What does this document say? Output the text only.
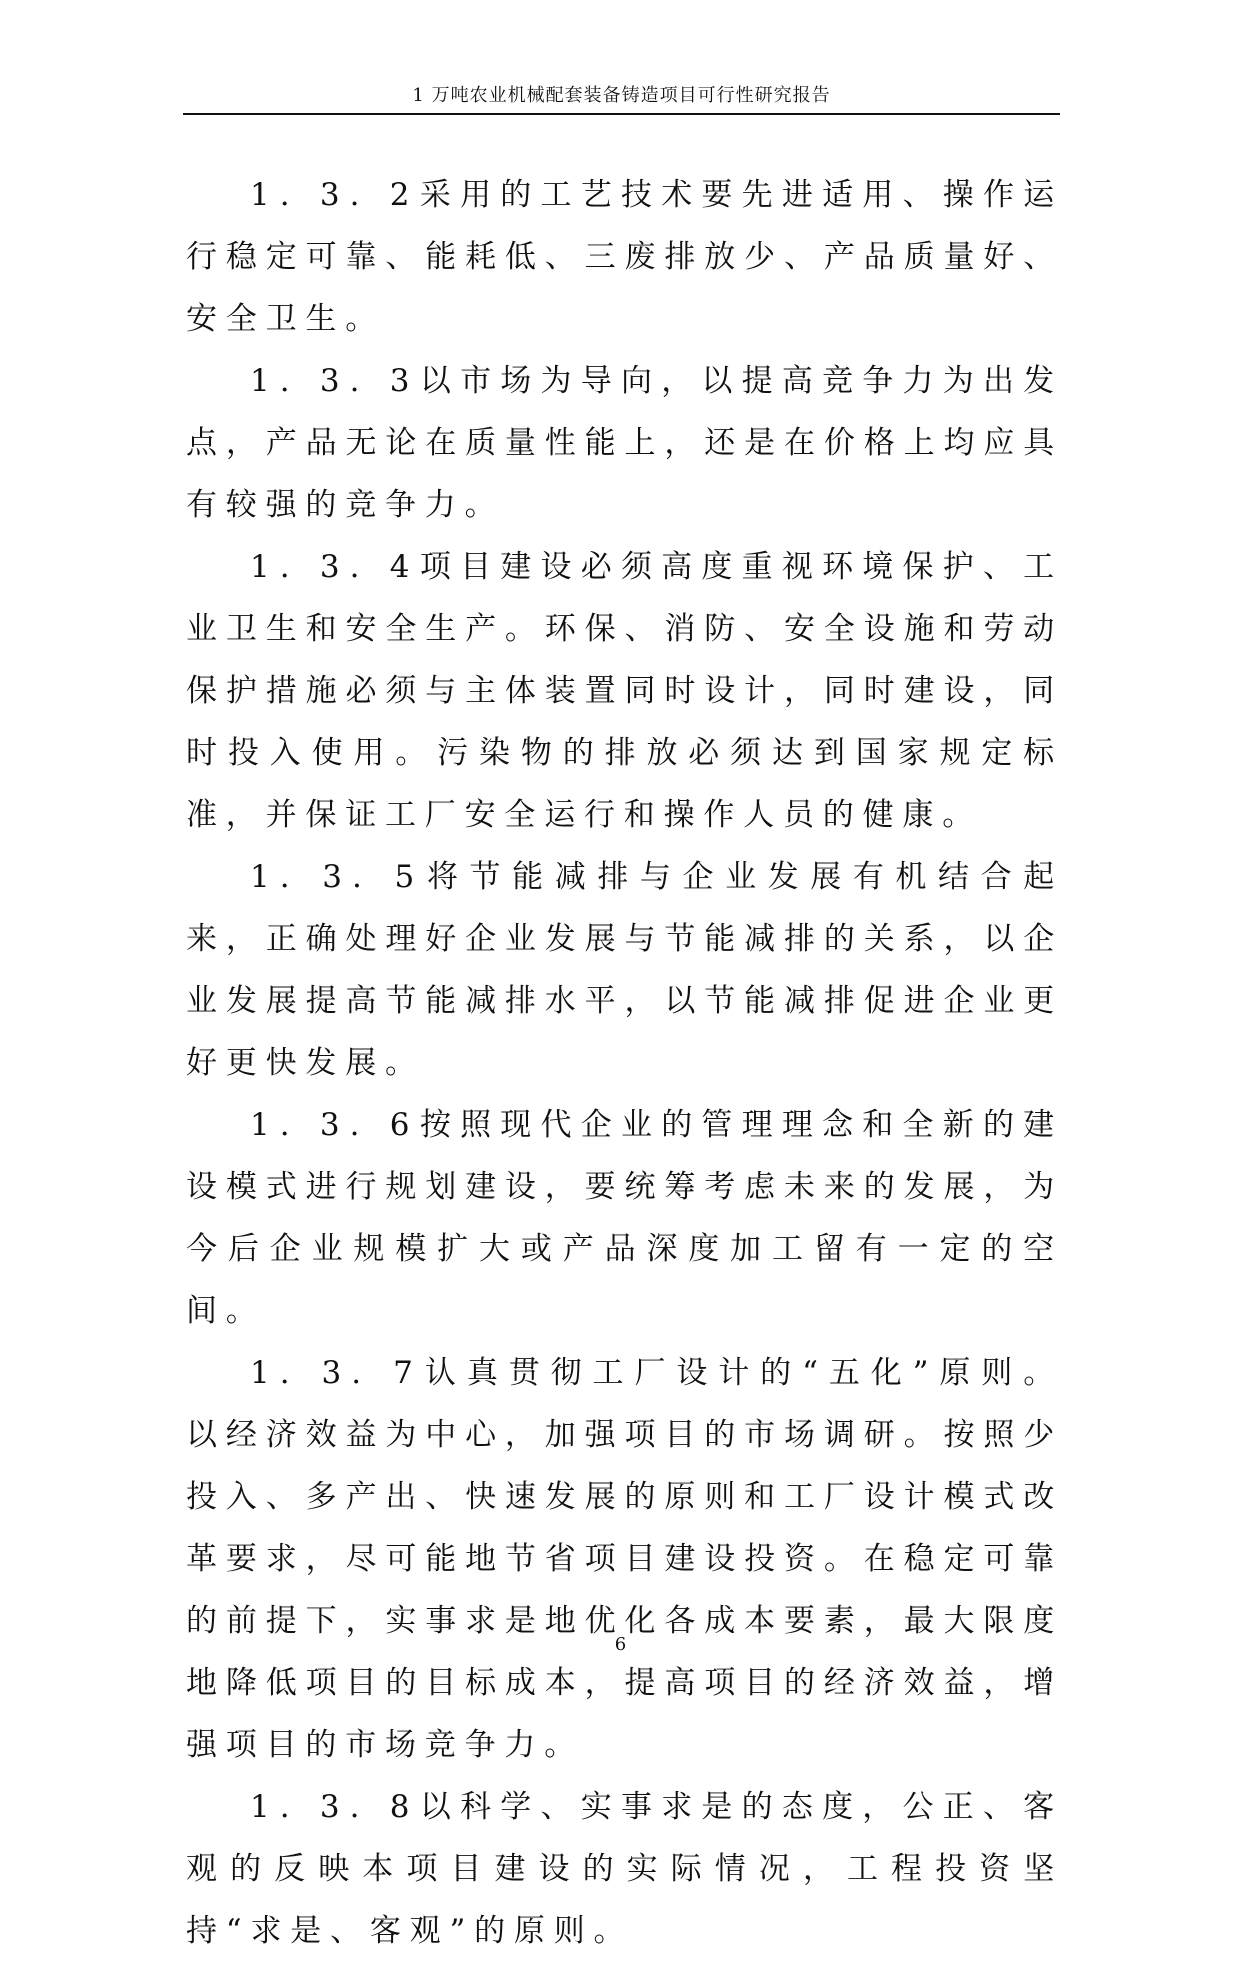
1 万吨农业机械配套装备铸造项目可行性研究报告

1. 3. 2采用的工艺技术要先进适用、操作运行稳定可靠、能耗低、三废排放少、产品质量好、安全卫生。

1. 3. 3以市场为导向，以提高竞争力为出发点，产品无论在质量性能上，还是在价格上均应具有较强的竞争力。

1. 3. 4项目建设必须高度重视环境保护、工业卫生和安全生产。环保、消防、安全设施和劳动保护措施必须与主体装置同时设计，同时建设，同时投入使用。污染物的排放必须达到国家规定标准，并保证工厂安全运行和操作人员的健康。

1. 3. 5将节能减排与企业发展有机结合起来，正确处理好企业发展与节能减排的关系，以企业发展提高节能减排水平，以节能减排促进企业更好更快发展。

1. 3. 6按照现代企业的管理理念和全新的建设模式进行规划建设，要统筹考虑未来的发展，为今后企业规模扩大或产品深度加工留有一定的空间。

1. 3. 7认真贯彻工厂设计的“五化”原则。以经济效益为中心，加强项目的市场调研。按照少投入、多产出、快速发展的原则和工厂设计模式改革要求，尽可能地节省项目建设投资。在稳定可靠的前提下，实事求是地优化各成本要素，最大限度地降低项目的目标成本，提高项目的经济效益，增强项目的市场竞争力。

1. 3. 8以科学、实事求是的态度，公正、客观的反映本项目建设的实际情况，工程投资坚持“求是、客观”的原则。

6
